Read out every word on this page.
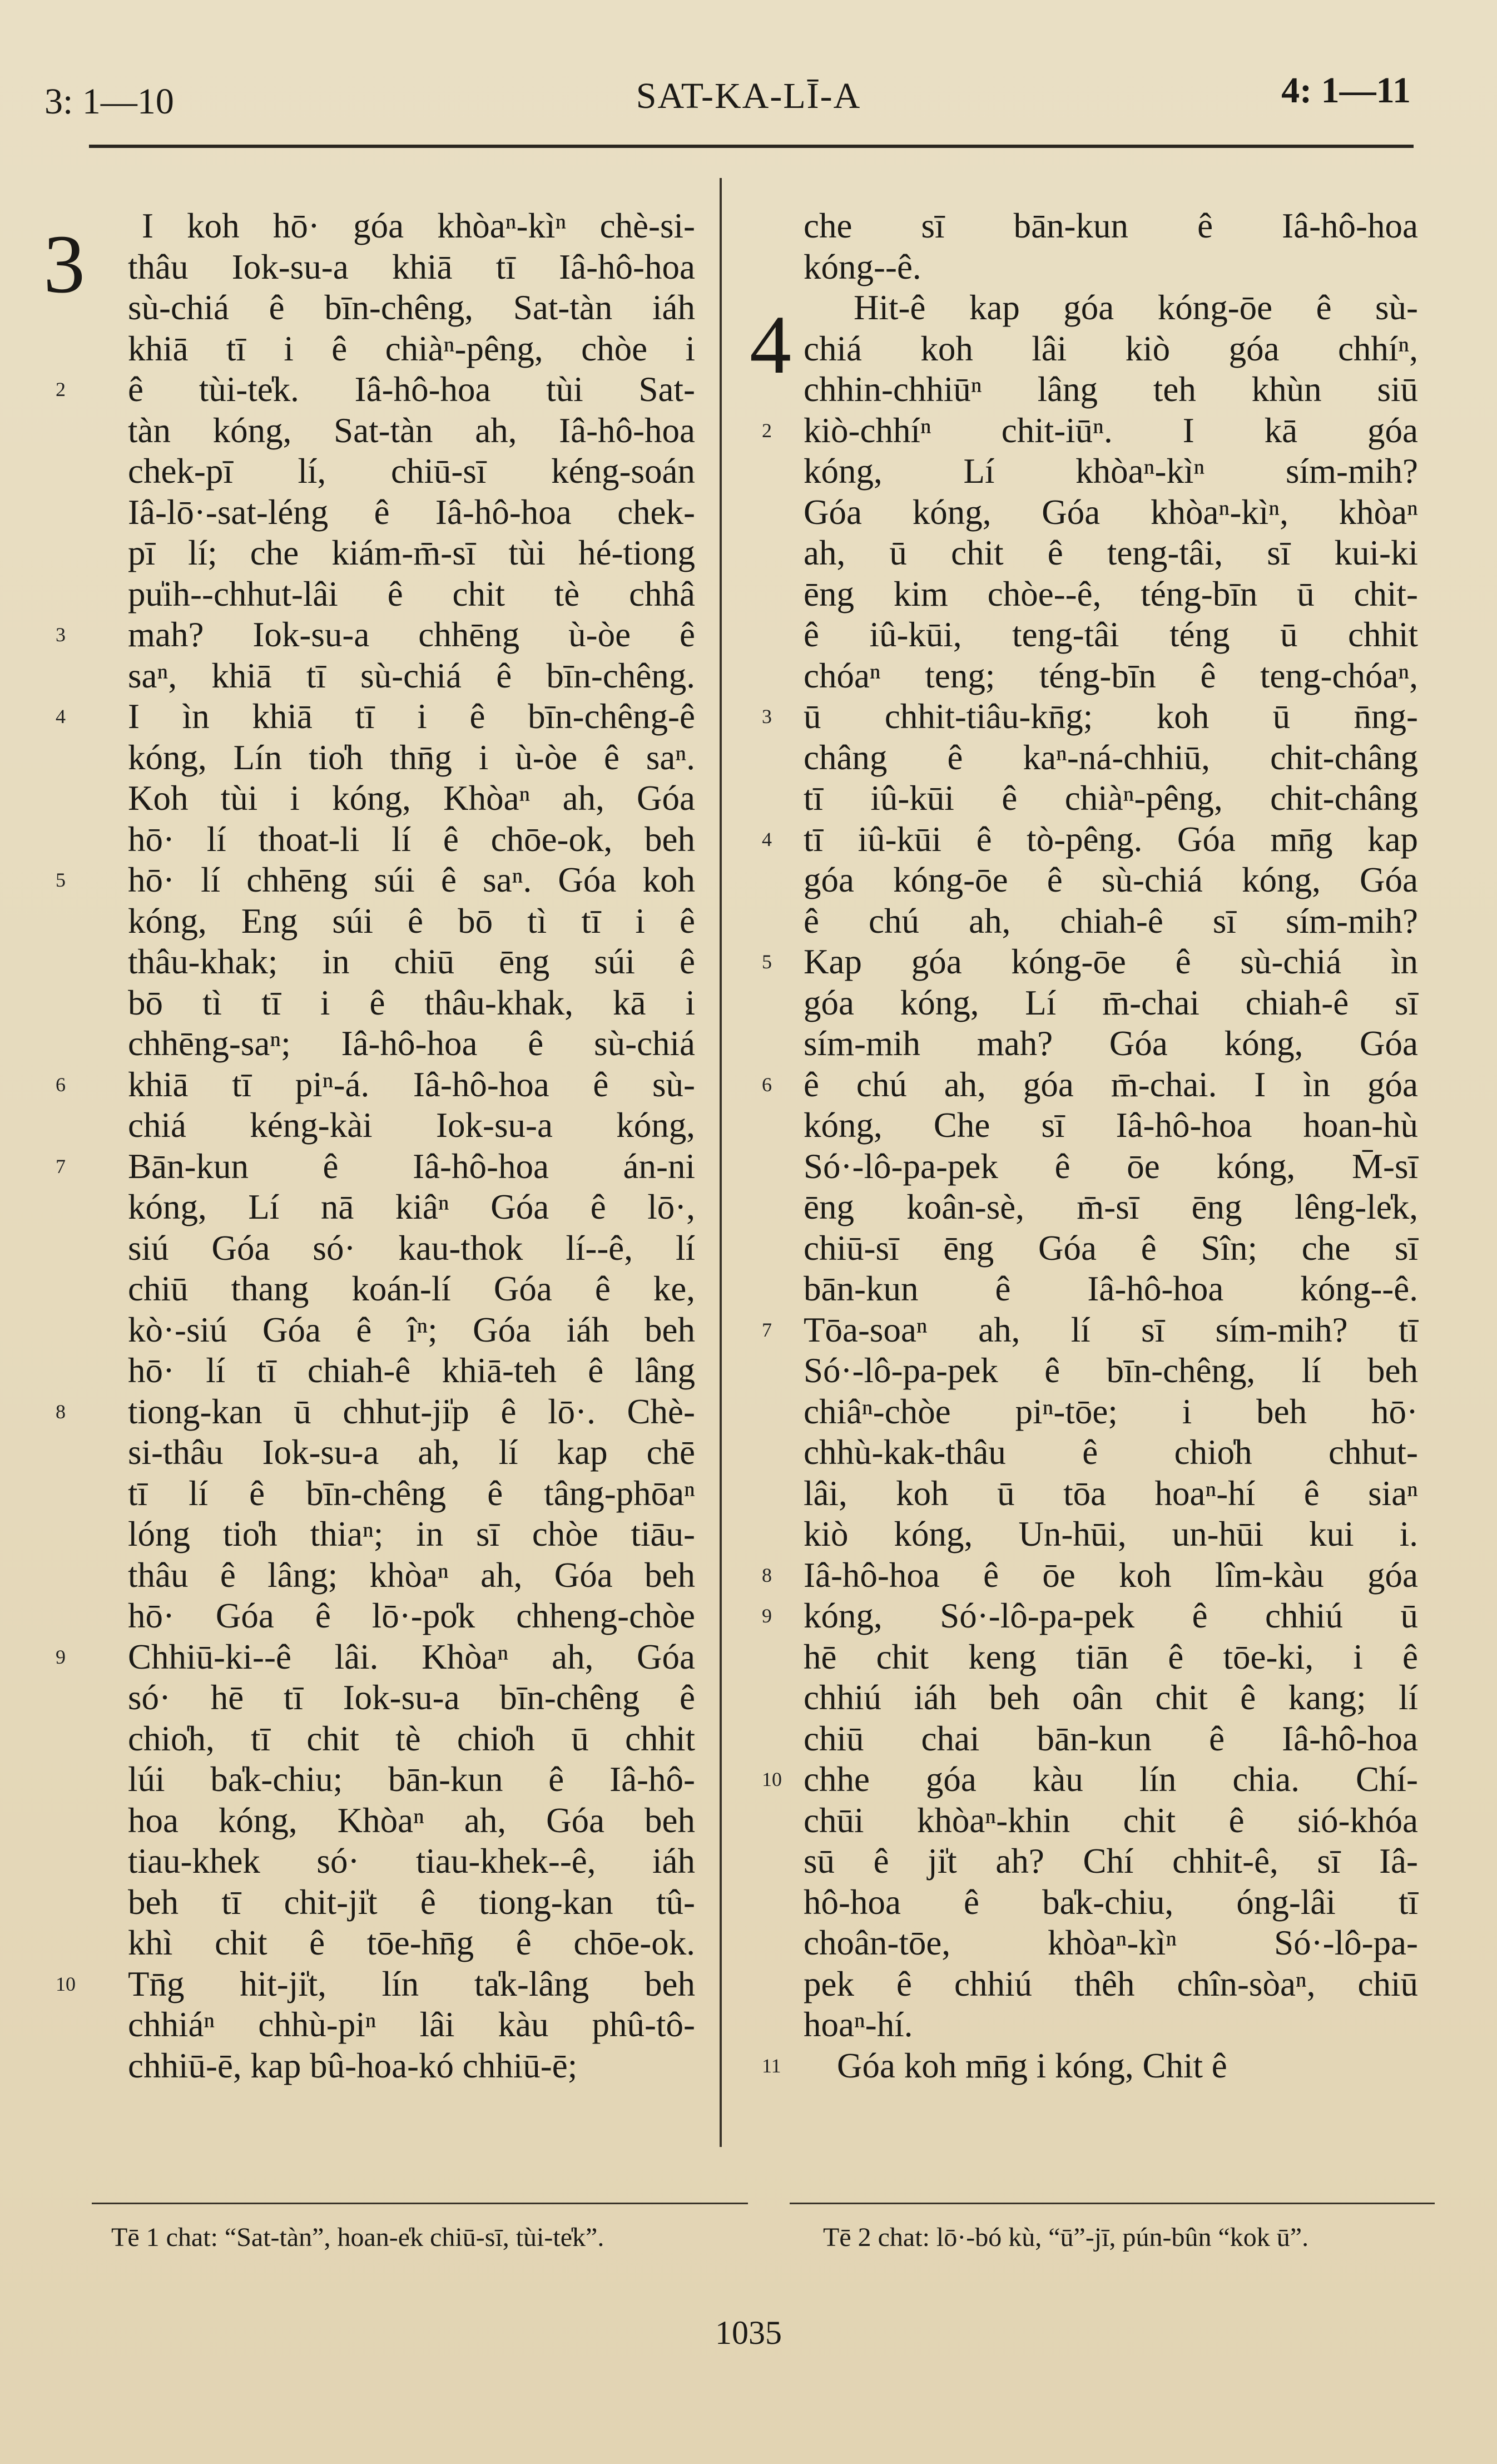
3: 1—10	SAT-KA-LĪ-A	4: 1—11
3
4
I koh hō· góa khòaⁿ-kìⁿ chè-si-
thâu Iok-su-a khiā tī Iâ-hô-hoa
sù-chiá ê bīn-chêng, Sat-tàn iáh
khiā tī i ê chiàⁿ-pêng, chòe i
ê tùi-te̍k. Iâ-hô-hoa tùi Sat-
tàn kóng, Sat-tàn ah, Iâ-hô-hoa
chek-pī lí, chiū-sī kéng-soán
Iâ-lō·-sat-léng ê Iâ-hô-hoa chek-
pī lí; che kiám-m̄-sī tùi hé-tiong
pu̍ih--chhut-lâi ê chit tè chhâ
mah? Iok-su-a chhēng ù-òe ê
saⁿ, khiā tī sù-chiá ê bīn-chêng.
I ìn khiā tī i ê bīn-chêng-ê
kóng, Lín tio̍h thn̄g i ù-òe ê saⁿ.
Koh tùi i kóng, Khòaⁿ ah, Góa
hō· lí thoat-li lí ê chōe-ok, beh
hō· lí chhēng súi ê saⁿ. Góa koh
kóng, Eng súi ê bō tì tī i ê
thâu-khak; in chiū ēng súi ê
bō tì tī i ê thâu-khak, kā i
chhēng-saⁿ; Iâ-hô-hoa ê sù-chiá
khiā tī piⁿ-á. Iâ-hô-hoa ê sù-
chiá kéng-kài Iok-su-a kóng,
Bān-kun ê Iâ-hô-hoa án-ni
kóng, Lí nā kiâⁿ Góa ê lō·,
siú Góa só· kau-thok lí--ê, lí
chiū thang koán-lí Góa ê ke,
kò·-siú Góa ê îⁿ; Góa iáh beh
hō· lí tī chiah-ê khiā-teh ê lâng
tiong-kan ū chhut-ji̍p ê lō·. Chè-
si-thâu Iok-su-a ah, lí kap chē
tī lí ê bīn-chêng ê tâng-phōaⁿ
lóng tio̍h thiaⁿ; in sī chòe tiāu-
thâu ê lâng; khòaⁿ ah, Góa beh
hō· Góa ê lō·-po̍k chheng-chòe
Chhiū-ki--ê lâi. Khòaⁿ ah, Góa
só· hē tī Iok-su-a bīn-chêng ê
chio̍h, tī chit tè chio̍h ū chhit
lúi ba̍k-chiu; bān-kun ê Iâ-hô-
hoa kóng, Khòaⁿ ah, Góa beh
tiau-khek só· tiau-khek--ê, iáh
beh tī chit-ji̍t ê tiong-kan tû-
khì chit ê tōe-hn̄g ê chōe-ok.
Tn̄g hit-ji̍t, lín ta̍k-lâng beh
chhiáⁿ chhù-piⁿ lâi kàu phû-tô-
chhiū-ē, kap bû-hoa-kó chhiū-ē;
2
3
4
5
6
7
8
9
10
che sī bān-kun ê Iâ-hô-hoa
kóng--ê.
Hit-ê kap góa kóng-ōe ê sù-
chiá koh lâi kiò góa chhíⁿ,
chhin-chhiūⁿ lâng teh khùn siū
kiò-chhíⁿ chit-iūⁿ. I kā góa
kóng, Lí khòaⁿ-kìⁿ sím-mih?
Góa kóng, Góa khòaⁿ-kìⁿ, khòaⁿ
ah, ū chit ê teng-tâi, sī kui-ki
ēng kim chòe--ê, téng-bīn ū chit-
ê iû-kūi, teng-tâi téng ū chhit
chóaⁿ teng; téng-bīn ê teng-chóaⁿ,
ū chhit-tiâu-kn̄g; koh ū n̄ng-
châng ê kaⁿ-ná-chhiū, chit-châng
tī iû-kūi ê chiàⁿ-pêng, chit-châng
tī iû-kūi ê tò-pêng. Góa mn̄g kap
góa kóng-ōe ê sù-chiá kóng, Góa
ê chú ah, chiah-ê sī sím-mih?
Kap góa kóng-ōe ê sù-chiá ìn
góa kóng, Lí m̄-chai chiah-ê sī
sím-mih mah? Góa kóng, Góa
ê chú ah, góa m̄-chai. I ìn góa
kóng, Che sī Iâ-hô-hoa hoan-hù
Só·-lô-pa-pek ê ōe kóng, M̄-sī
ēng koân-sè, m̄-sī ēng lêng-le̍k,
chiū-sī ēng Góa ê Sîn; che sī
bān-kun ê Iâ-hô-hoa kóng--ê.
Tōa-soaⁿ ah, lí sī sím-mih? tī
Só·-lô-pa-pek ê bīn-chêng, lí beh
chiâⁿ-chòe piⁿ-tōe; i beh hō·
chhù-kak-thâu ê chio̍h chhut-
lâi, koh ū tōa hoaⁿ-hí ê siaⁿ
kiò kóng, Un-hūi, un-hūi kui i.
Iâ-hô-hoa ê ōe koh lîm-kàu góa
kóng, Só·-lô-pa-pek ê chhiú ū
hē chit keng tiān ê tōe-ki, i ê
chhiú iáh beh oân chit ê kang; lí
chiū chai bān-kun ê Iâ-hô-hoa
chhe góa kàu lín chia. Chí-
chūi khòaⁿ-khin chit ê sió-khóa
sū ê ji̍t ah? Chí chhit-ê, sī Iâ-
hô-hoa ê ba̍k-chiu, óng-lâi tī
choân-tōe, khòaⁿ-kìⁿ Só·-lô-pa-
pek ê chhiú thêh chîn-sòaⁿ, chiū
hoaⁿ-hí.
Góa koh mn̄g i kóng, Chit ê
2
3
4
5
6
7
8
9
10
11
Tē 1 chat: “Sat-tàn”, hoan-e̍k chiū-sī, tùi-te̍k”.	Tē 2 chat: lō·-bó kù, “ū”-jī, pún-bûn “kok ū”.
1035
